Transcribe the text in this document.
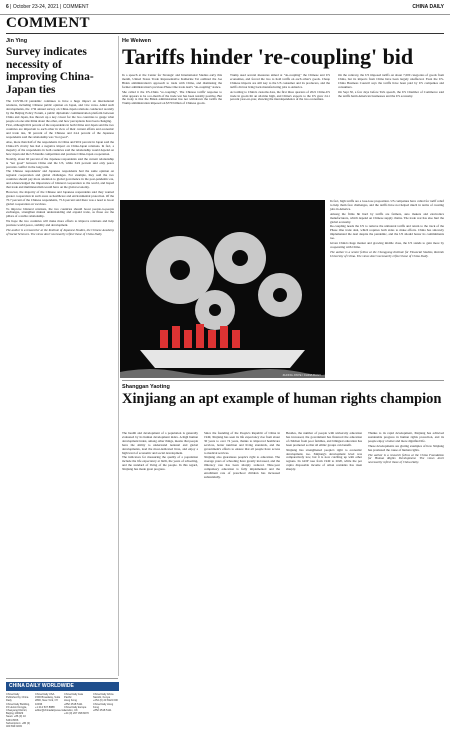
6 | October 23-24, 2021 | COMMENT	CHINA DAILY
COMMENT
Jin Ying
Survey indicates necessity of improving China-Japan ties

The COVID-19 pandemic continues to have a huge impact on international relations, including Chinese public opinion on Japan, and vice versa. Amid such developments, the 17th annual survey on China-Japan relations conducted recently by the Beijing Policy Forum, a public diplomatic communication platform between China and Japan, has thrown up a key caveat for the two countries to gauge what people on one side think about the other, and how perceptions have been changing.

First, although 66.9 percent of the respondents in both China and Japan said the two countries are important to each other in view of their current affairs and economic and trade ties, 30 percent of the Chinese and 24.4 percent of the Japanese respondents said the relationship was "not good".

Also, more than half of the respondents in China and 90.9 percent in Japan said the China-US rivalry has had a negative impact on China-Japan relations. In fact, a majority of the respondents in both countries said the relationship would depend on how Japan and the US handle competition and promote China-Japan cooperation.

Notably, about 60 percent of the Japanese respondents said the current relationship is "not good" between China and the US, while 34.9 percent said only peace prevents conflict in the long term.

The Chinese respondents' and Japanese respondents had the same opinion on regional cooperation and global challenges. For example, they said the two countries should pay more attention to global governance in the post-pandemic era, and acknowledged the importance of bilateral cooperation to the world, and hoped that trade and multilateralism would have on the global economy.

However, the majority of the Chinese and Japanese respondents said they wanted greater cooperation in such areas as healthcare and environmental protection. Of the 70.7 percent of the Chinese respondents, 75.6 percent said there was a need to boost global cooperation on vaccines.

To improve bilateral relations, the two countries should boost people-to-people exchanges, strengthen mutual understanding and expand trade, as those are the pillars of a stable relationship.

We hope the two countries will make more efforts to improve relations and help promote world peace, stability and development.

The author is a researcher at the Institute of Japanese Studies, the Chinese Academy of Social Sciences. The views don't necessarily reflect those of China Daily.

He Weiwen
Tariffs hinder 're-coupling' bid

In a speech at the Center for Strategic and International Studies early this month, United States Trade Representative Katherine Tai outlined the Joe Biden administration's approach to trade with China, and dismissing the former administration's previous Phase One trade deal's "de-coupling" stance.

She called it the US-China "re-coupling". The Chinese tariffs' response to what appears to be a re-match of the trade war has been notably positive. But the irony is that the Biden administration has not withdrawn the tariffs the Trump administration imposed on $370 billion of Chinese goods.

Trump used several measures aimed at "de-coupling" the Chinese and US economies, and forced the two to hold tariffs on each other's goods. Cheap Chinese imports are still key to the US consumer and its producers, and the tariffs did not bring back manufacturing jobs to America.

According to China's customs data, the first three quarters of 2021 China-US trade in goods hit an all-time high, and China's exports to the US grew 24.1 percent year-on-year, showing the interdependence of the two economies.

On the contrary, the US imposed tariffs on about 7,000 categories of goods from China, but its imports from China have been largely unaffected. Even the US-China Business Council says the tariffs have been paid by US companies and consumers.

On Sept 30, a few days before Tai's speech, the US Chamber of Commerce said the tariffs harm American businesses and the US economy.

In fact, high tariffs are a lose-lose proposition. US companies have called for tariff relief to help them face challenges, and the tariffs have not helped much in terms of creating jobs in America.

Among the firms hit hard by tariffs are farmers, auto makers and electronics manufacturers, which depend on Chinese supply chains. The trade war has also hurt the global economy.

Re-coupling needs the US to remove the unilateral tariffs and return to the track of the Phase One trade deal, which requires both sides to make efforts. China has sincerely implemented the deal despite the pandemic, and the US should honor its commitments too.

Given China's huge market and growing middle class, the US stands to gain more by cooperating with China.

The author is a senior fellow at the Chongyang Institute for Financial Studies, Renmin University of China. The views don't necessarily reflect those of China Daily.

ZHONG JINYE / CHINA DAILY
Shanggan Yaoting
Xinjiang an apt example of human rights champion

The health and development of a population is generally evaluated by its human development index. A high human development index, among other things, means that people have the ability to understand national and global developments, lead the most-dedicated lives, and enjoy a high level of economic and social development.

The indicators for measuring the quality of a population include the life expectancy at birth, the years of schooling, and the standard of living of the people. In this regard, Xinjiang has made great progress.

Since the founding of the People's Republic of China in 1949, Xinjiang has seen its life expectancy rise from about 30 years to over 74 years, thanks to improved healthcare services, better nutrition and living standards, and the government's efforts to ensure that all people have access to medical services.

Xinjiang also guarantees people's right to education. The average years of schooling have greatly increased, and the illiteracy rate has been sharply reduced. Nine-year compulsory education is fully implemented and the enrollment rate of preschool children has increased substantially.

Besides, the number of people with university education has increased, the government has financed the education of children from poor families, and bilingual education has been promoted so that all ethnic groups can benefit.

Xinjiang has strengthened people's right to economic development, too. Xinjiang's development level was comparatively low, but it is now catching up with other regions. Its GDP rose from 1949 to 2020, while the per capita disposable income of urban residents has risen sharply.

Thanks to its rapid development, Xinjiang has achieved sustainable progress in human rights protection, and its people enjoy a better and more dignified life.

These developments are glaring examples of how Xinjiang has promoted the cause of human rights.

The author is a research fellow at the China Foundation for Human Rights Development. The views don't necessarily reflect those of China Daily.

CHINA DAILY WORLDWIDE
China Daily
Published by China Daily
China Daily Building, 15 Huixin Dongjie, Chaoyang District, Beijing 100029
News: +86 (0) 10 6491 8366
Subscription: +86 (0) 400 699 0203
China Daily USA
1500 Broadway, Suite 2800, New York, NY 10036
+1 212 537 8888
editor@chinadailyusa.com
China Daily Asia Pacific
Hong Kong
+852 2518 5111
China Daily Europe
London, UK
+44 (0) 207 398 8270
China Daily Africa
Nairobi, Kenya
+254 (0) 20 6924 000
China Daily Hong Kong
+852 2518 5111
